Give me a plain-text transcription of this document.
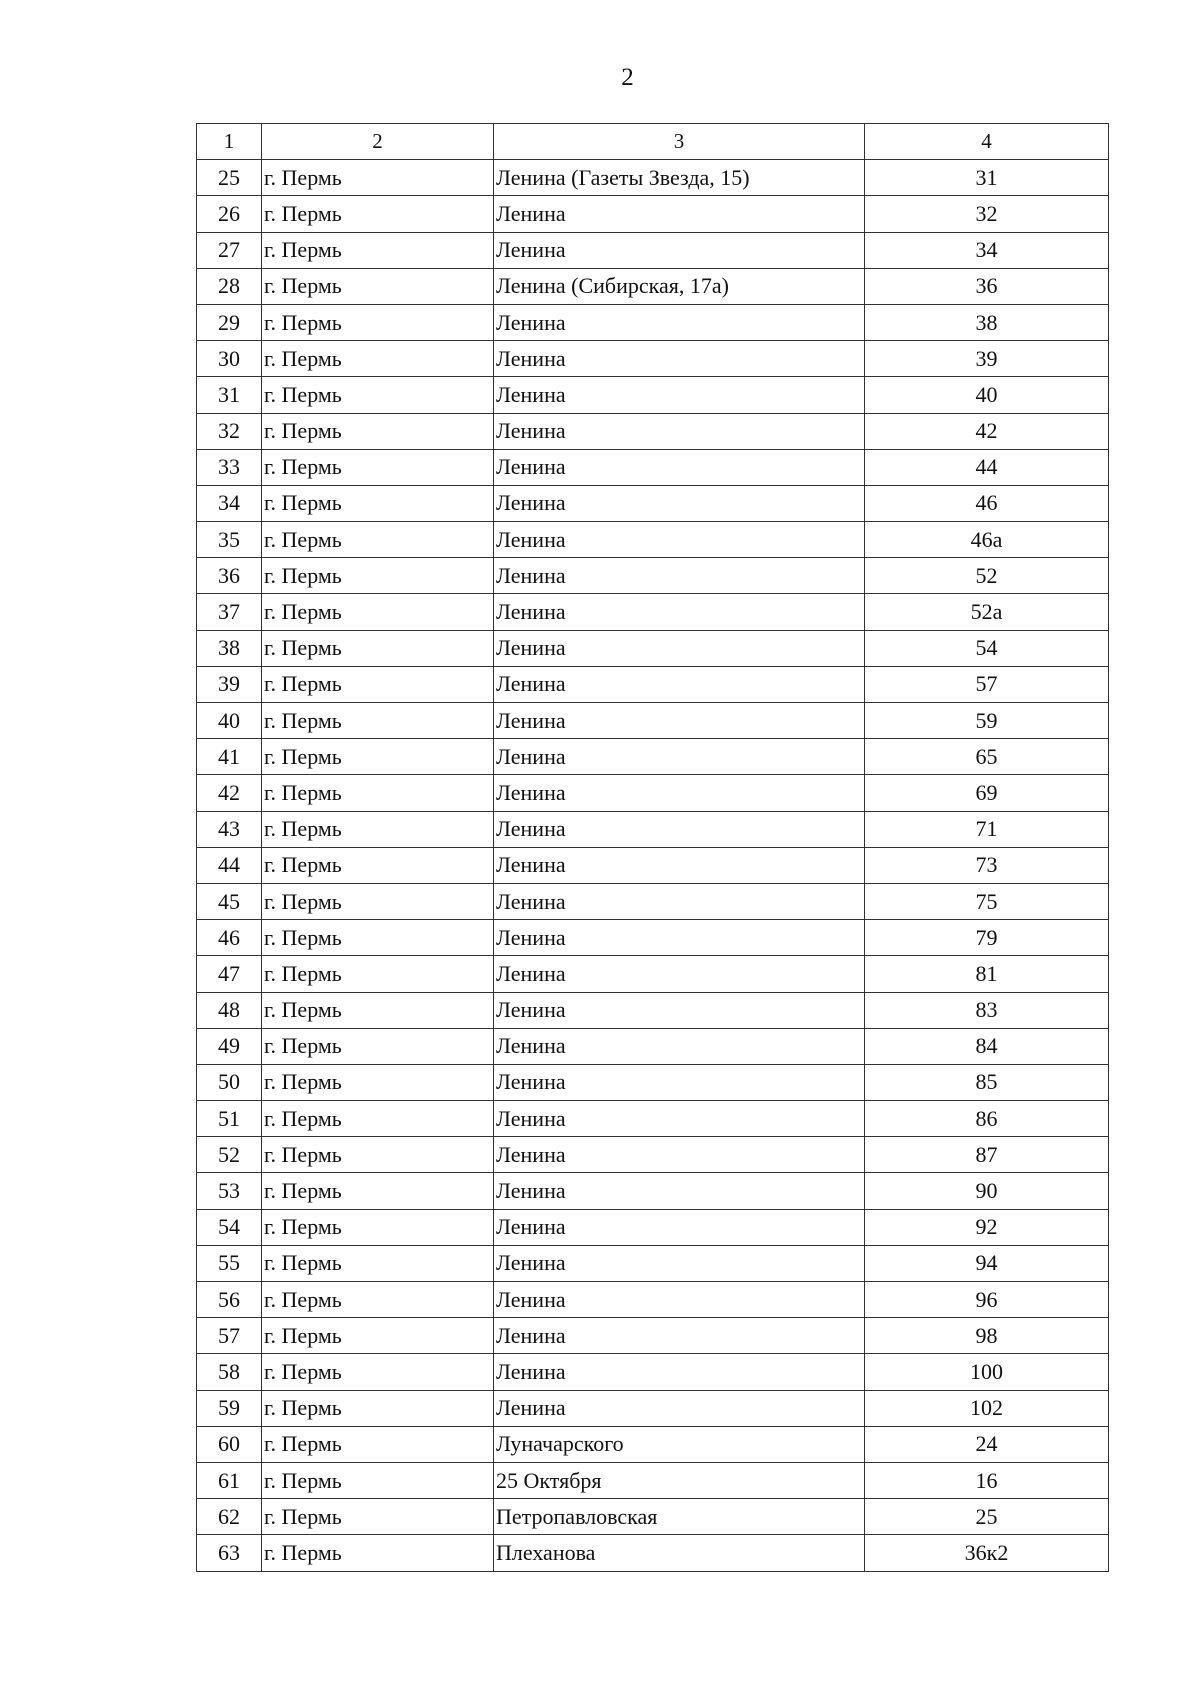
2
1	2	3	4
25	г. Пермь	Ленина (Газеты Звезда, 15)	31
26	г. Пермь	Ленина	32
27	г. Пермь	Ленина	34
28	г. Пермь	Ленина (Сибирская, 17а)	36
29	г. Пермь	Ленина	38
30	г. Пермь	Ленина	39
31	г. Пермь	Ленина	40
32	г. Пермь	Ленина	42
33	г. Пермь	Ленина	44
34	г. Пермь	Ленина	46
35	г. Пермь	Ленина	46а
36	г. Пермь	Ленина	52
37	г. Пермь	Ленина	52а
38	г. Пермь	Ленина	54
39	г. Пермь	Ленина	57
40	г. Пермь	Ленина	59
41	г. Пермь	Ленина	65
42	г. Пермь	Ленина	69
43	г. Пермь	Ленина	71
44	г. Пермь	Ленина	73
45	г. Пермь	Ленина	75
46	г. Пермь	Ленина	79
47	г. Пермь	Ленина	81
48	г. Пермь	Ленина	83
49	г. Пермь	Ленина	84
50	г. Пермь	Ленина	85
51	г. Пермь	Ленина	86
52	г. Пермь	Ленина	87
53	г. Пермь	Ленина	90
54	г. Пермь	Ленина	92
55	г. Пермь	Ленина	94
56	г. Пермь	Ленина	96
57	г. Пермь	Ленина	98
58	г. Пермь	Ленина	100
59	г. Пермь	Ленина	102
60	г. Пермь	Луначарского	24
61	г. Пермь	25 Октября	16
62	г. Пермь	Петропавловская	25
63	г. Пермь	Плеханова	36к2
